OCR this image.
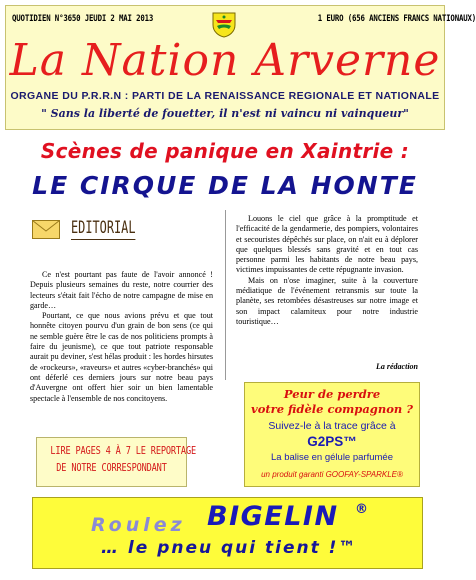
QUOTIDIEN N°3650 JEUDI 2 MAI 2013	1 EURO (656 ANCIENS FRANCS NATIONAUX)
La Nation Arverne
ORGANE DU P.R.R.N : PARTI DE LA RENAISSANCE REGIONALE ET NATIONALE
" Sans la liberté de fouetter, il n'est ni vaincu ni vainqueur"
Scènes de panique en Xaintrie :
LE CIRQUE DE LA HONTE
EDITORIAL

Ce n'est pourtant pas faute de l'avoir annoncé ! Depuis plusieurs semaines du reste, notre courrier des lecteurs s'était fait l'écho de notre campagne de mise en garde…

Pourtant, ce que nous avions prévu et que tout honnête citoyen pourvu d'un grain de bon sens (ce qui ne semble guère être le cas de nos politiciens prompts à faire du jeunisme), ce que tout patriote responsable aurait pu deviner, s'est hélas produit : les hordes hirsutes de «rockeurs», «raveurs» et autres «cyber-branchés» qui ont déferlé ces derniers jours sur notre beau pays d'Auvergne ont offert hier soir un bien lamentable spectacle à l'ensemble de nos concitoyens.

Louons le ciel que grâce à la promptitude et l'efficacité de la gendarmerie, des pompiers, volontaires et secouristes dépêchés sur place, on n'ait eu à déplorer que quelques blessés sans gravité et en tout cas personne parmi les habitants de notre beau pays, victimes impuissantes de cette répugnante invasion.

Mais on n'ose imaginer, suite à la couverture médiatique de l'événement retransmis sur toute la planète, ses retombées désastreuses sur notre image et son impact calamiteux pour notre industrie touristique…

La rédaction
LIRE PAGES 4 À 7 LE REPORTAGE
DE NOTRE CORRESPONDANT
Peur de perdre
votre fidèle compagnon ?
Suivez-le à la trace grâce à
G2PS™
La balise en gélule parfumée
un produit garanti GOOFAY-SPARKLE®
Roulez BIGELIN ®
… le pneu qui tient !™
